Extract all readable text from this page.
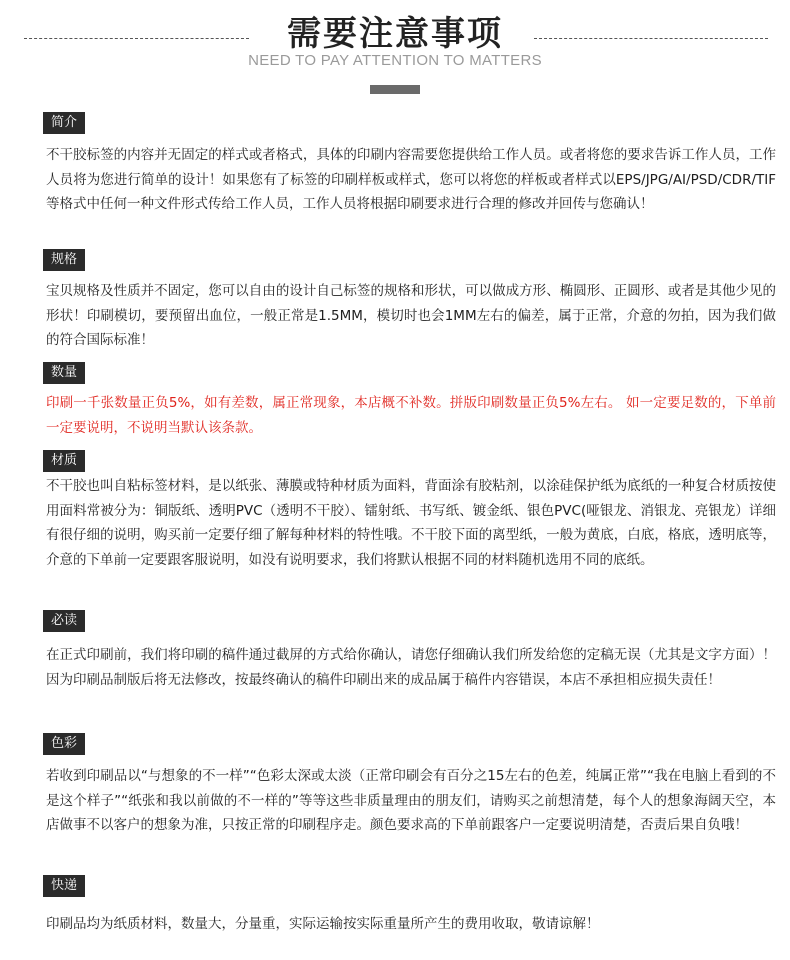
需要注意事项
NEED TO PAY ATTENTION TO MATTERS
简介

不干胶标签的内容并无固定的样式或者格式，具体的印刷内容需要您提供给工作人员。或者将您的要求告诉工作人员，工作人员将为您进行简单的设计！如果您有了标签的印刷样板或样式，您可以将您的样板或者样式以EPS/JPG/AI/PSD/CDR/TIF等格式中任何一种文件形式传给工作人员，工作人员将根据印刷要求进行合理的修改并回传与您确认！

规格

宝贝规格及性质并不固定，您可以自由的设计自己标签的规格和形状，可以做成方形、椭圆形、正圆形、或者是其他少见的形状！印刷模切，要预留出血位，一般正常是1.5MM，模切时也会1MM左右的偏差，属于正常，介意的勿拍，因为我们做的符合国际标准！

数量

印刷一千张数量正负5%，如有差数，属正常现象，本店概不补数。拼版印刷数量正负5%左右。 如一定要足数的，下单前一定要说明，不说明当默认该条款。

材质

不干胶也叫自粘标签材料，是以纸张、薄膜或特种材质为面料，背面涂有胶粘剂，以涂硅保护纸为底纸的一种复合材质按使用面料常被分为：铜版纸、透明PVC（透明不干胶）、镭射纸、书写纸、镀金纸、银色PVC(哑银龙、消银龙、亮银龙）详细有很仔细的说明，购买前一定要仔细了解每种材料的特性哦。不干胶下面的离型纸，一般为黄底，白底，格底，透明底等，介意的下单前一定要跟客服说明，如没有说明要求，我们将默认根据不同的材料随机选用不同的底纸。

必读

在正式印刷前，我们将印刷的稿件通过截屏的方式给你确认，请您仔细确认我们所发给您的定稿无误（尤其是文字方面）！因为印刷品制版后将无法修改，按最终确认的稿件印刷出来的成品属于稿件内容错误，本店不承担相应损失责任！

色彩

若收到印刷品以“与想象的不一样”“色彩太深或太淡（正常印刷会有百分之15左右的色差，纯属正常”“我在电脑上看到的不是这个样子”“纸张和我以前做的不一样的”等等这些非质量理由的朋友们，请购买之前想清楚，每个人的想象海阔天空，本店做事不以客户的想象为准，只按正常的印刷程序走。颜色要求高的下单前跟客户一定要说明清楚，否责后果自负哦！

快递

印刷品均为纸质材料，数量大，分量重，实际运输按实际重量所产生的费用收取，敬请谅解！
